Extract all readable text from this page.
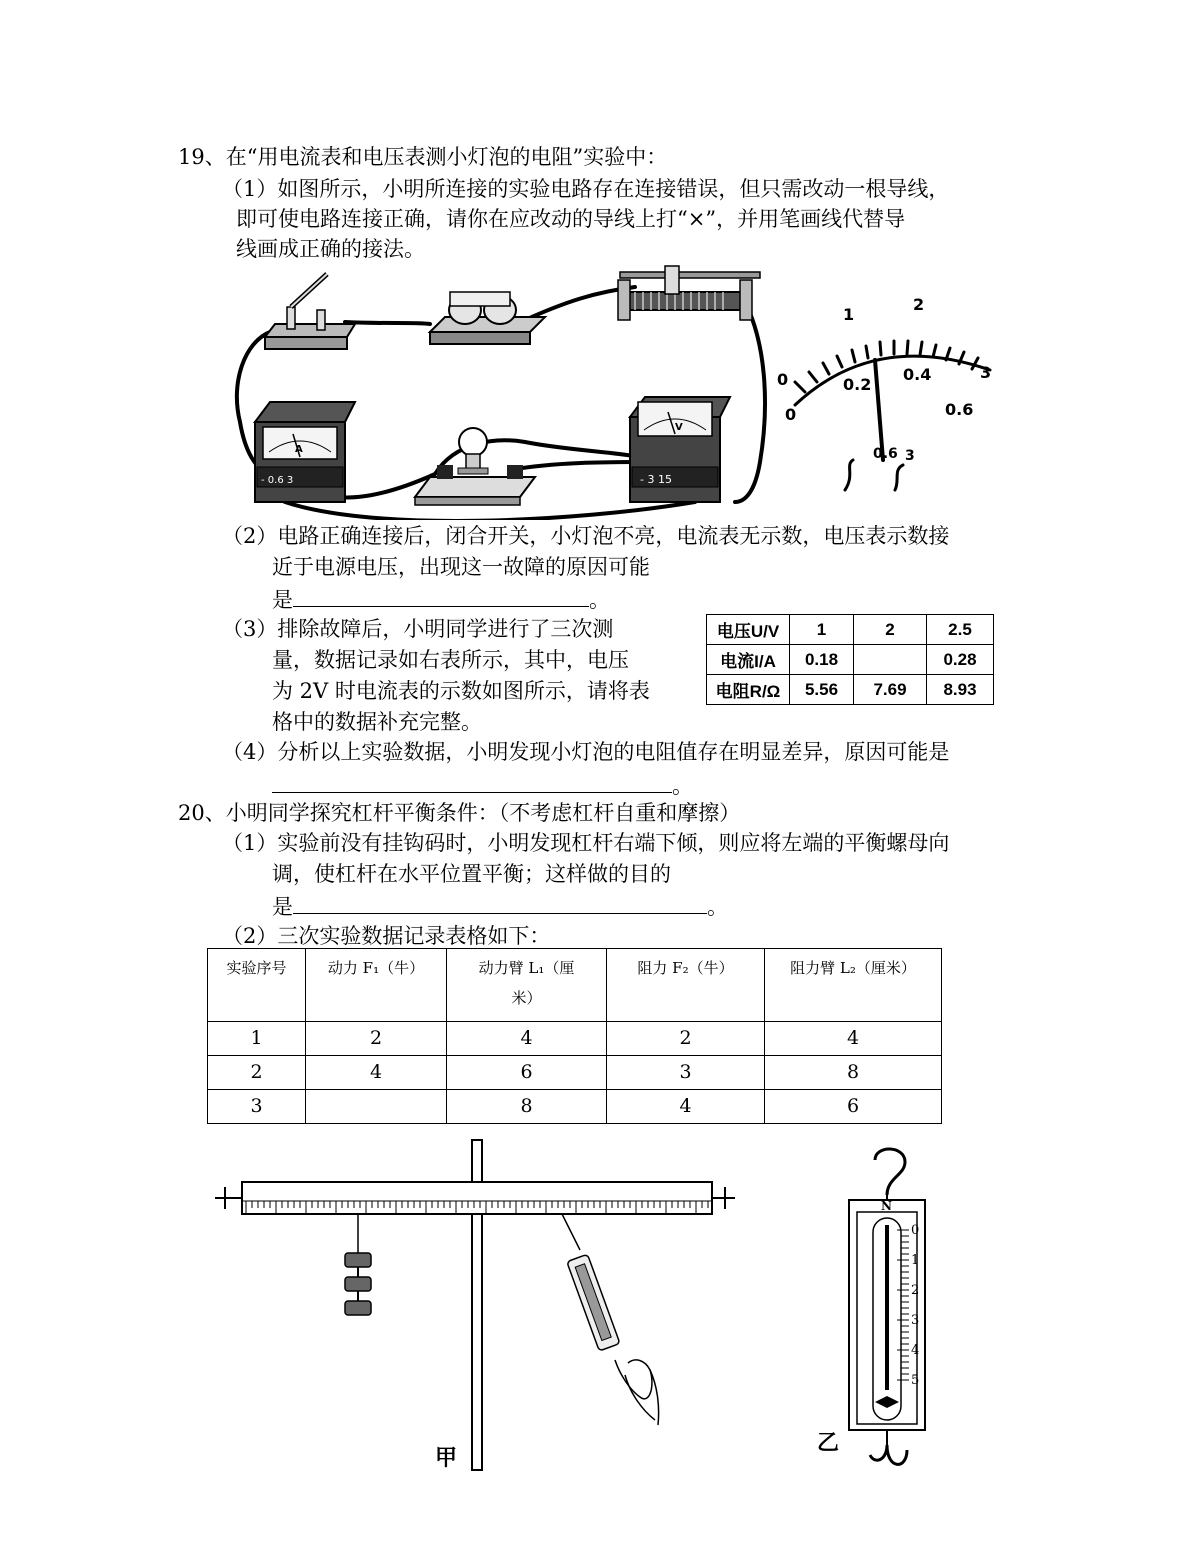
19、在“用电流表和电压表测小灯泡的电阻”实验中：
（1）如图所示，小明所连接的实验电路存在连接错误，但只需改动一根导线，
即可使电路连接正确，请你在应改动的导线上打“×”，并用笔画线代替导
线画成正确的接法。
A
- 0.6 3
V
- 3 15
0
1
2
3
0
0.2
0.4
0.6
0.6 3
（2）电路正确连接后，闭合开关，小灯泡不亮，电流表无示数，电压表示数接
近于电源电压，出现这一故障的原因可能
是	。
（3）排除故障后，小明同学进行了三次测
量，数据记录如右表所示，其中，电压
为 2V 时电流表的示数如图所示，请将表
格中的数据补充完整。
电压U/V	1	2	2.5
电流I/A	0.18		0.28
电阻R/Ω	5.56	7.69	8.93
（4）分析以上实验数据，小明发现小灯泡的电阻值存在明显差异，原因可能是
。
20、小明同学探究杠杆平衡条件：（不考虑杠杆自重和摩擦）
（1）实验前没有挂钩码时，小明发现杠杆右端下倾，则应将左端的平衡螺母向
调，使杠杆在水平位置平衡；这样做的目的
是	。
（2）三次实验数据记录表格如下：
实验序号	动力 F₁（牛）	动力臂 L₁（厘
米）	阻力 F₂（牛）	阻力臂 L₂（厘米）
1	2	4	2	4
2	4	6	3	8
3		8	4	6
甲
N
0
1
2
3
4
5
乙
